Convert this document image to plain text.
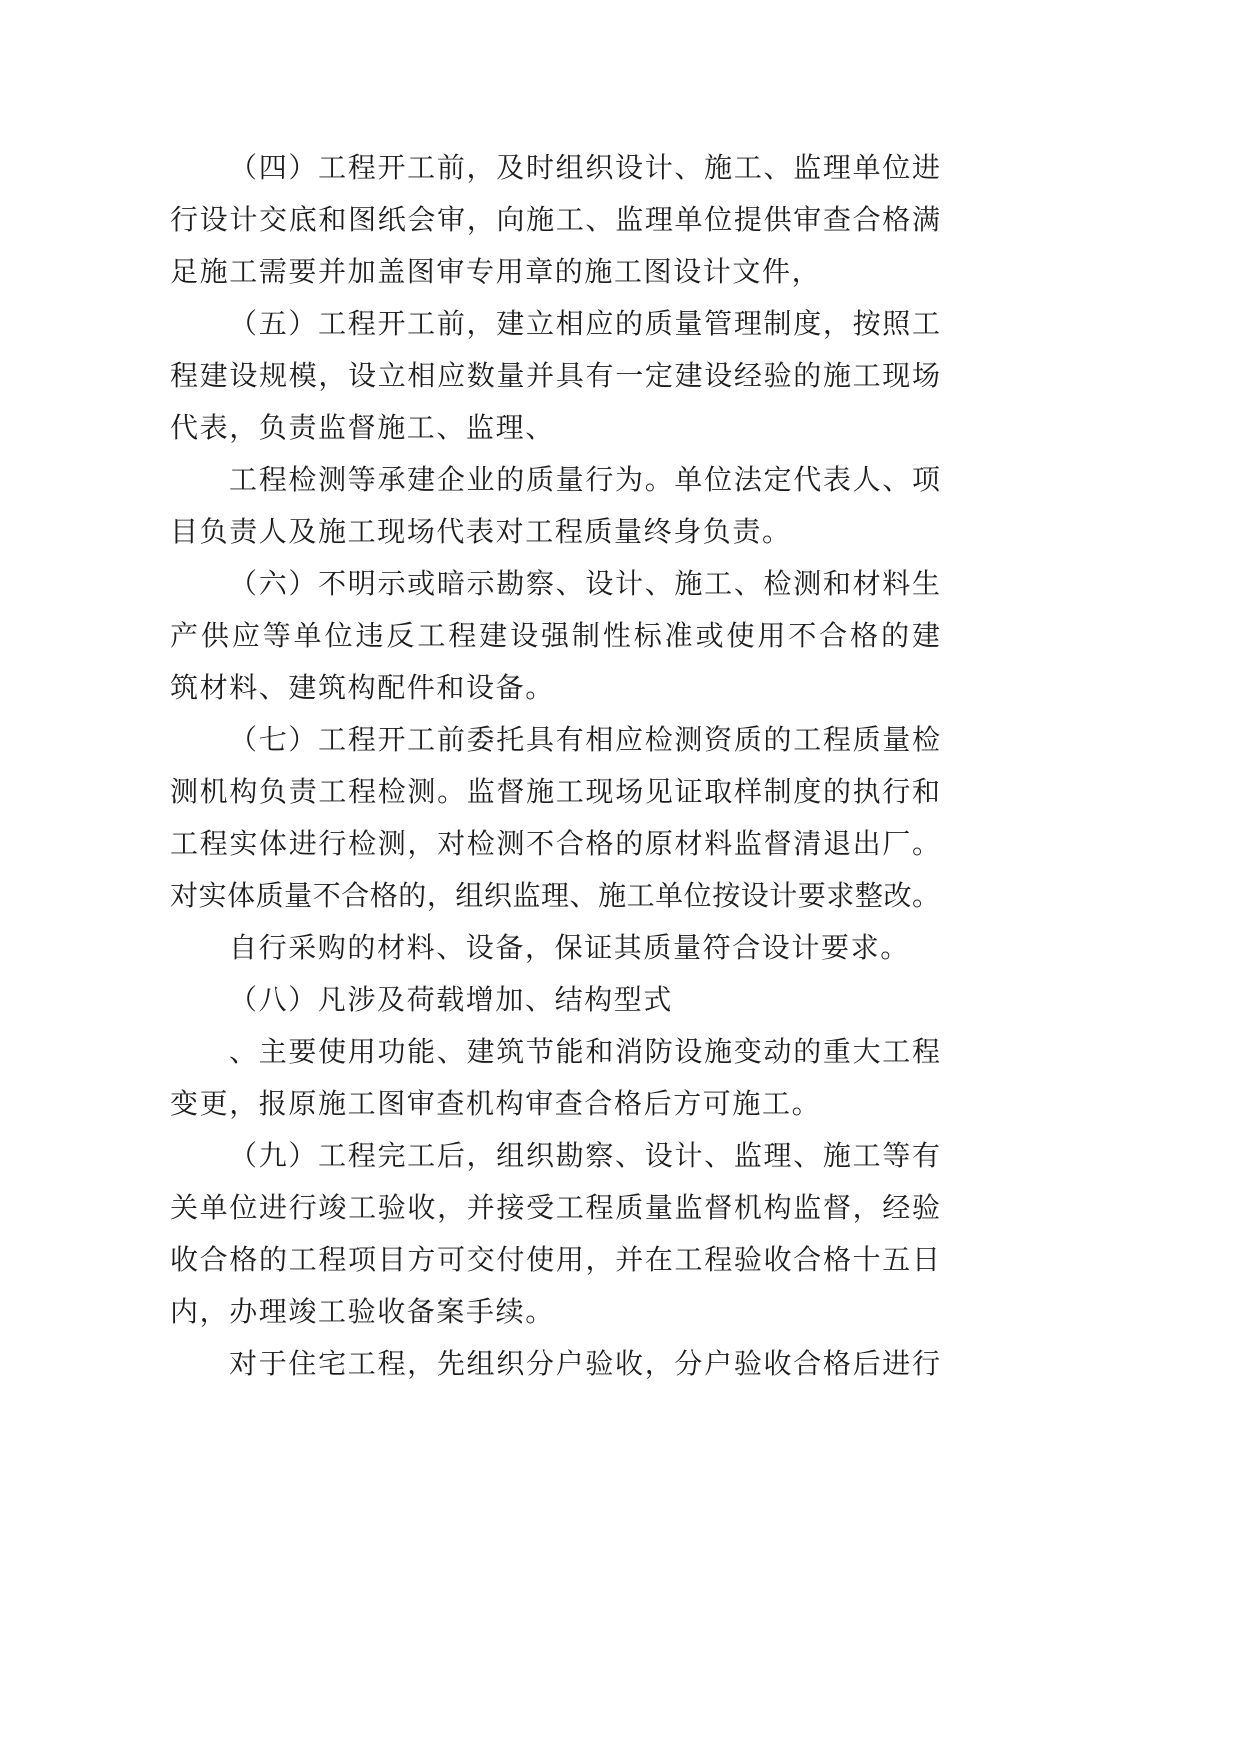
（四）工程开工前，及时组织设计、施工、监理单位进
行设计交底和图纸会审，向施工、监理单位提供审查合格满
足施工需要并加盖图审专用章的施工图设计文件，
（五）工程开工前，建立相应的质量管理制度，按照工
程建设规模，设立相应数量并具有一定建设经验的施工现场
代表，负责监督施工、监理、
工程检测等承建企业的质量行为。单位法定代表人、项
目负责人及施工现场代表对工程质量终身负责。
（六）不明示或暗示勘察、设计、施工、检测和材料生
产供应等单位违反工程建设强制性标准或使用不合格的建
筑材料、建筑构配件和设备。
（七）工程开工前委托具有相应检测资质的工程质量检
测机构负责工程检测。监督施工现场见证取样制度的执行和
工程实体进行检测，对检测不合格的原材料监督清退出厂。
对实体质量不合格的，组织监理、施工单位按设计要求整改。
自行采购的材料、设备，保证其质量符合设计要求。
（八）凡涉及荷载增加、结构型式
、主要使用功能、建筑节能和消防设施变动的重大工程
变更，报原施工图审查机构审查合格后方可施工。
（九）工程完工后，组织勘察、设计、监理、施工等有
关单位进行竣工验收，并接受工程质量监督机构监督，经验
收合格的工程项目方可交付使用，并在工程验收合格十五日
内，办理竣工验收备案手续。
对于住宅工程，先组织分户验收，分户验收合格后进行
